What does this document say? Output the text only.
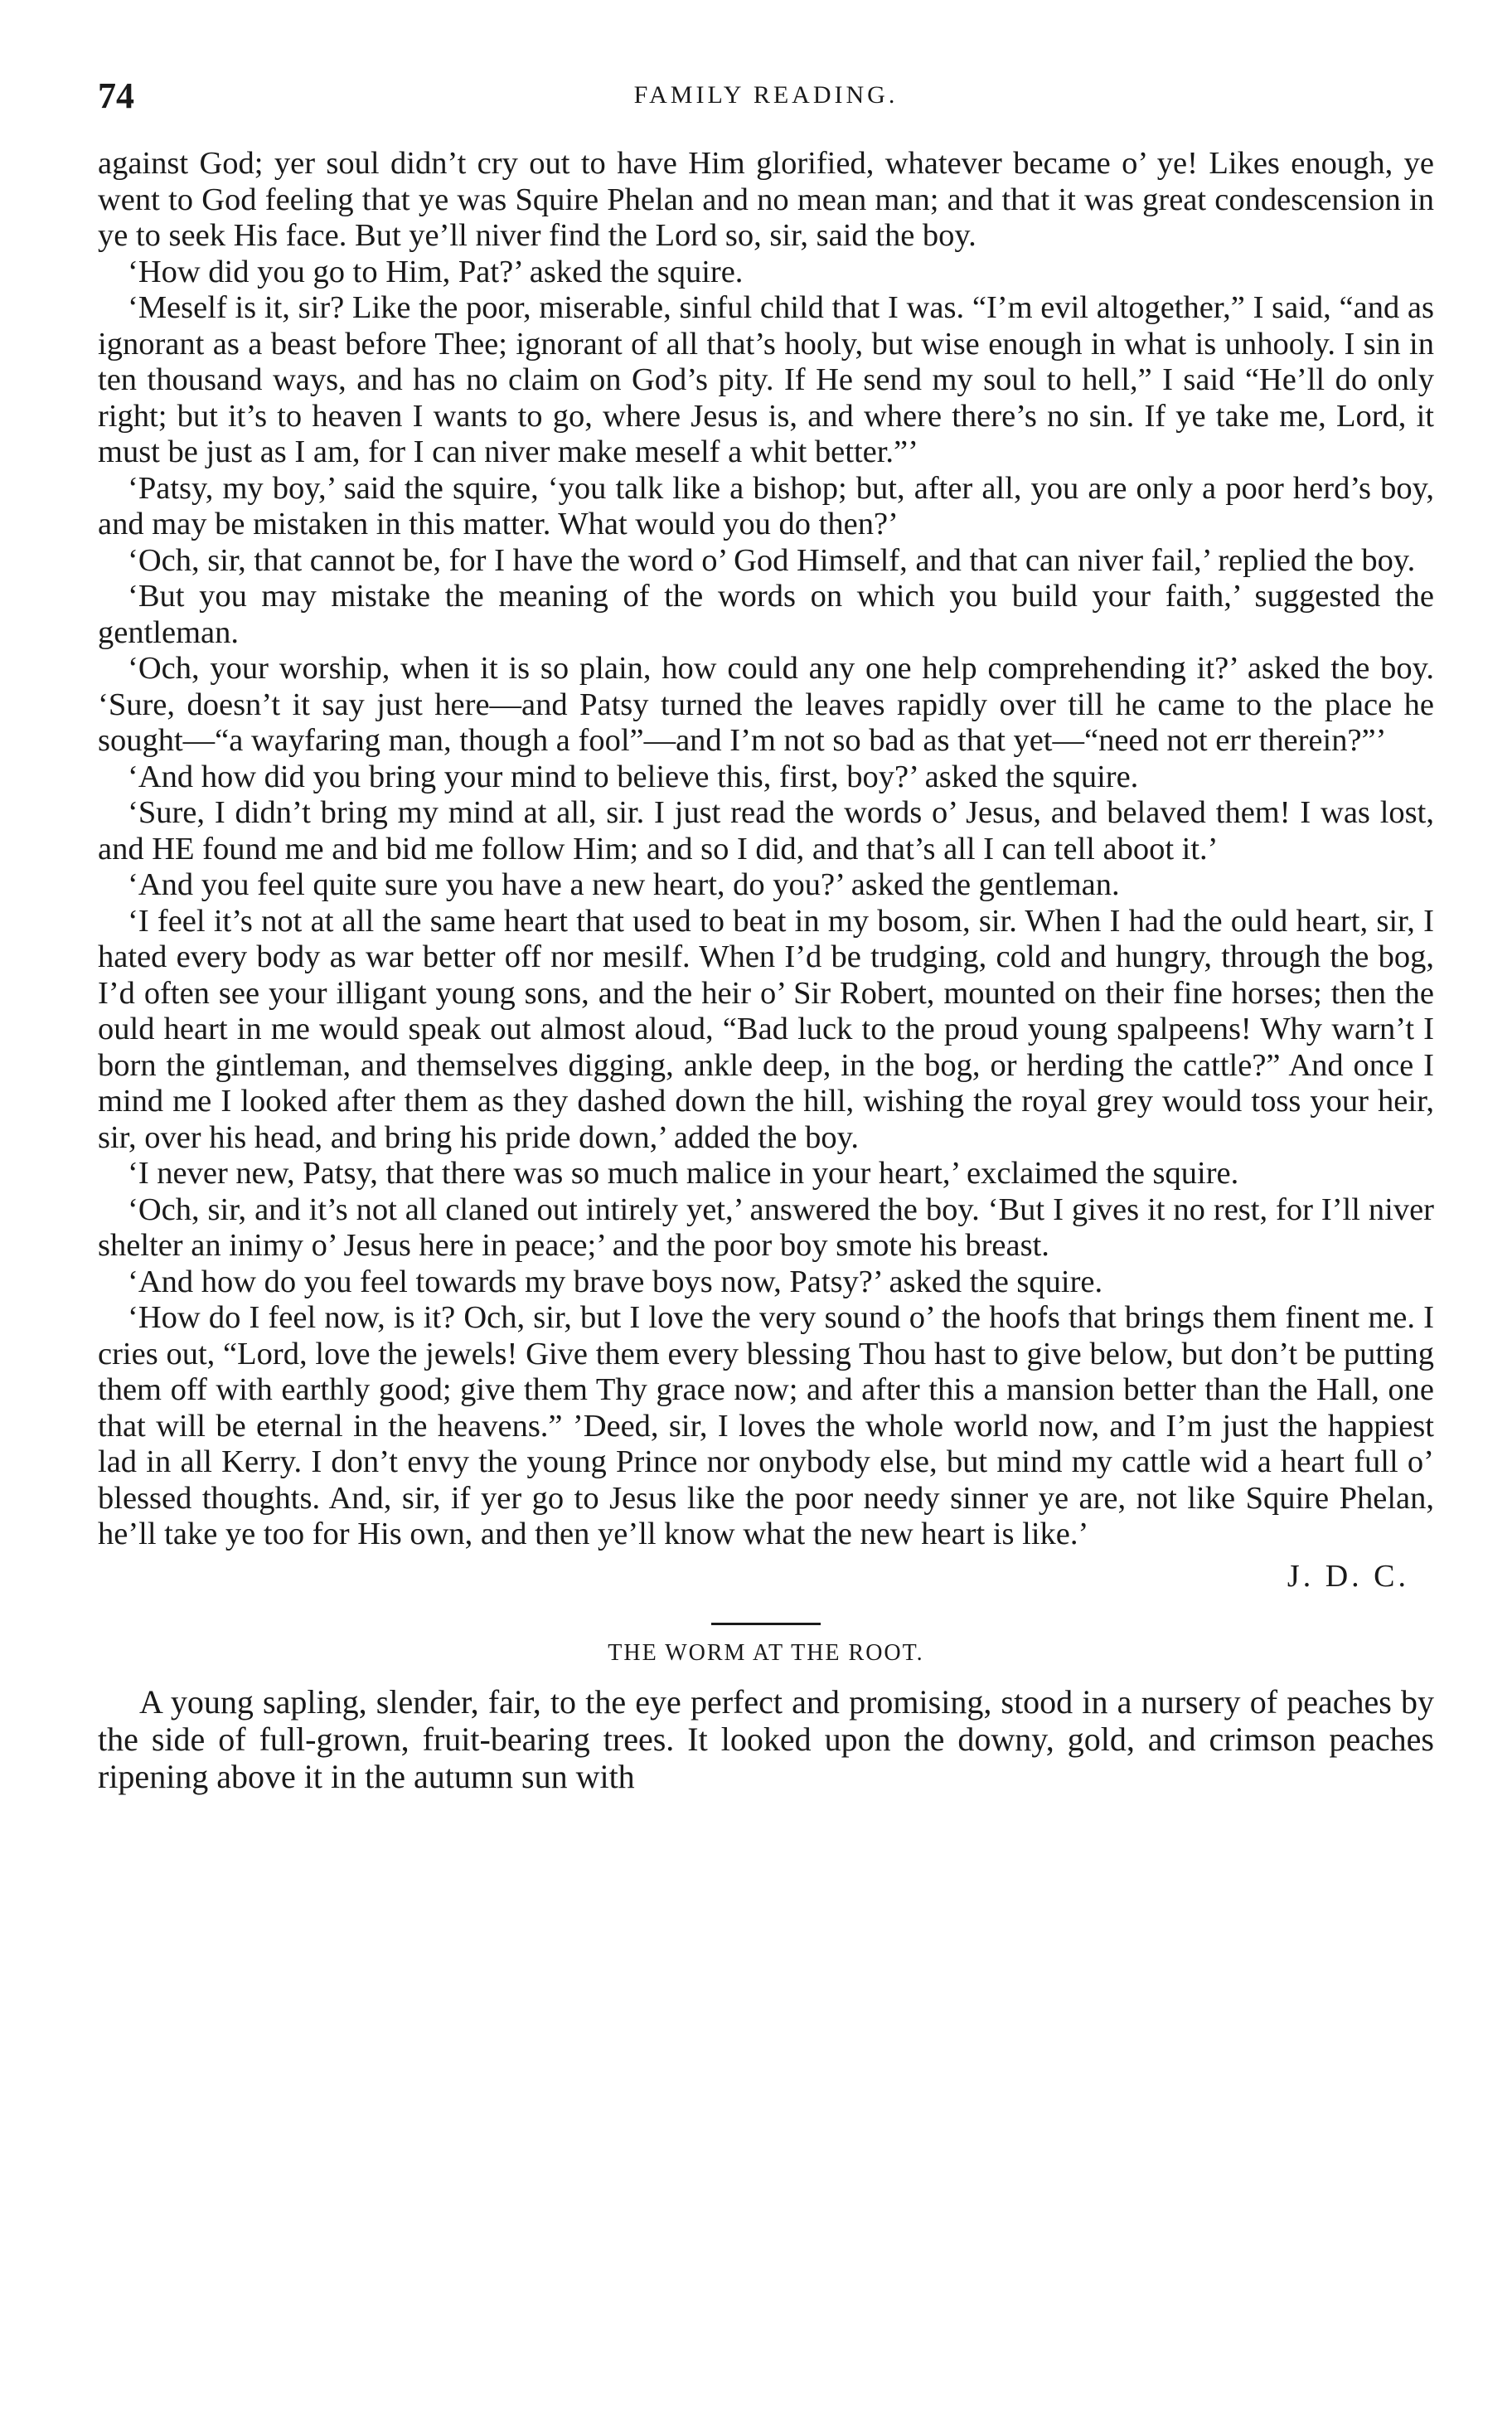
74	FAMILY READING.

against God; yer soul didn’t cry out to have Him glorified, whatever became o’ ye! Likes enough, ye went to God feeling that ye was Squire Phelan and no mean man; and that it was great condescension in ye to seek His face. But ye’ll niver find the Lord so, sir, said the boy.

‘How did you go to Him, Pat?’ asked the squire.

‘Meself is it, sir? Like the poor, miserable, sinful child that I was. “I’m evil altogether,” I said, “and as ignorant as a beast before Thee; ignorant of all that’s hooly, but wise enough in what is unhooly. I sin in ten thousand ways, and has no claim on God’s pity. If He send my soul to hell,” I said “He’ll do only right; but it’s to heaven I wants to go, where Jesus is, and where there’s no sin. If ye take me, Lord, it must be just as I am, for I can niver make meself a whit better.”’

‘Patsy, my boy,’ said the squire, ‘you talk like a bishop; but, after all, you are only a poor herd’s boy, and may be mistaken in this matter. What would you do then?’

‘Och, sir, that cannot be, for I have the word o’ God Himself, and that can niver fail,’ replied the boy.

‘But you may mistake the meaning of the words on which you build your faith,’ suggested the gentleman.

‘Och, your worship, when it is so plain, how could any one help comprehending it?’ asked the boy. ‘Sure, doesn’t it say just here—and Patsy turned the leaves rapidly over till he came to the place he sought—“a wayfaring man, though a fool”—and I’m not so bad as that yet—“need not err therein?”’

‘And how did you bring your mind to believe this, first, boy?’ asked the squire.

‘Sure, I didn’t bring my mind at all, sir. I just read the words o’ Jesus, and belaved them! I was lost, and HE found me and bid me follow Him; and so I did, and that’s all I can tell aboot it.’

‘And you feel quite sure you have a new heart, do you?’ asked the gentleman.

‘I feel it’s not at all the same heart that used to beat in my bosom, sir. When I had the ould heart, sir, I hated every body as war better off nor mesilf. When I’d be trudging, cold and hungry, through the bog, I’d often see your illigant young sons, and the heir o’ Sir Robert, mounted on their fine horses; then the ould heart in me would speak out almost aloud, “Bad luck to the proud young spalpeens! Why warn’t I born the gintleman, and themselves digging, ankle deep, in the bog, or herding the cattle?” And once I mind me I looked after them as they dashed down the hill, wishing the royal grey would toss your heir, sir, over his head, and bring his pride down,’ added the boy.

‘I never new, Patsy, that there was so much malice in your heart,’ exclaimed the squire.

‘Och, sir, and it’s not all claned out intirely yet,’ answered the boy. ‘But I gives it no rest, for I’ll niver shelter an inimy o’ Jesus here in peace;’ and the poor boy smote his breast.

‘And how do you feel towards my brave boys now, Patsy?’ asked the squire.

‘How do I feel now, is it? Och, sir, but I love the very sound o’ the hoofs that brings them finent me. I cries out, “Lord, love the jewels! Give them every blessing Thou hast to give below, but don’t be putting them off with earthly good; give them Thy grace now; and after this a mansion better than the Hall, one that will be eternal in the heavens.” ’Deed, sir, I loves the whole world now, and I’m just the happiest lad in all Kerry. I don’t envy the young Prince nor onybody else, but mind my cattle wid a heart full o’ blessed thoughts. And, sir, if yer go to Jesus like the poor needy sinner ye are, not like Squire Phelan, he’ll take ye too for His own, and then ye’ll know what the new heart is like.’

J. D. C.
THE WORM AT THE ROOT.

A young sapling, slender, fair, to the eye perfect and promising, stood in a nursery of peaches by the side of full-grown, fruit-bearing trees. It looked upon the downy, gold, and crimson peaches ripening above it in the autumn sun with
